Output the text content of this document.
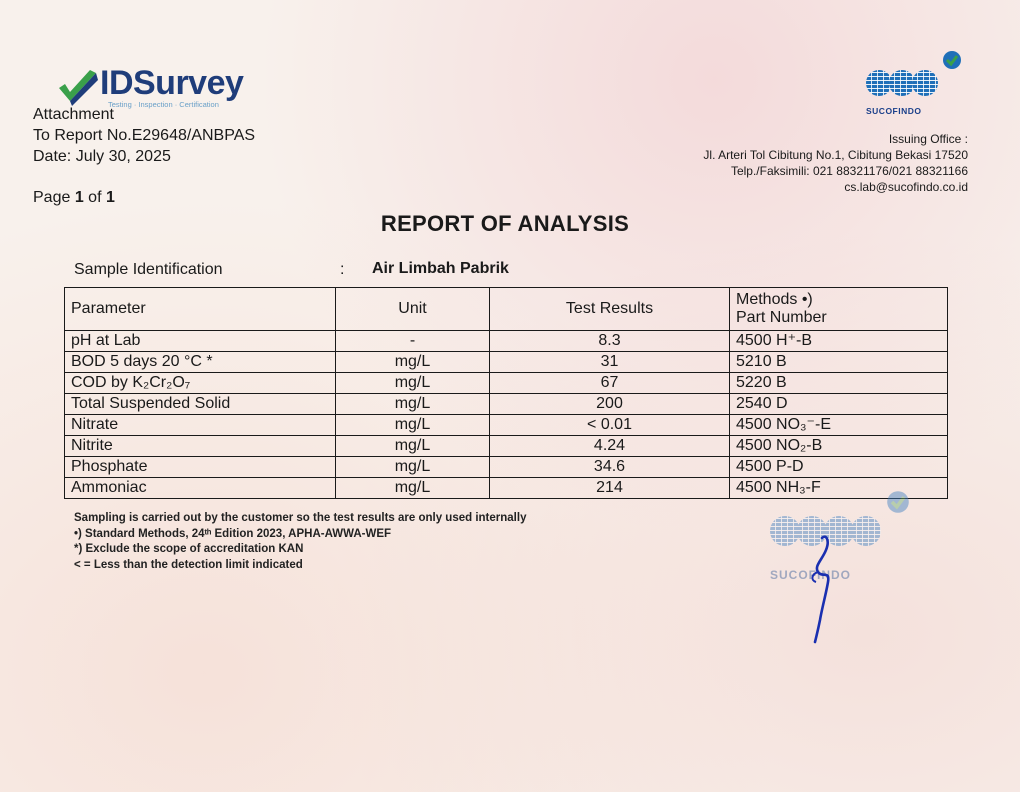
IDSurvey
Testing · Inspection · Certification
Attachment
To Report No.E29648/ANBPAS
Date: July 30, 2025
Page 1 of 1
SUCOFINDO
Issuing Office :
Jl. Arteri Tol Cibitung No.1, Cibitung Bekasi 17520
Telp./Faksimili: 021 88321176/021 88321166
cs.lab@sucofindo.co.id
REPORT OF ANALYSIS
Sample Identification	: Air Limbah Pabrik
Parameter	Unit	Test Results	Methods •)
Part Number

pH at Lab	-	8.3	4500 H⁺-B
BOD 5 days 20 °C *	mg/L	31	5210 B
COD by K₂Cr₂O₇	mg/L	67	5220 B
Total Suspended Solid	mg/L	200	2540 D
Nitrate	mg/L	< 0.01	4500 NO₃⁻-E
Nitrite	mg/L	4.24	4500 NO₂-B
Phosphate	mg/L	34.6	4500 P-D
Ammoniac	mg/L	214	4500 NH₃-F
Sampling is carried out by the customer so the test results are only used internally
•) Standard Methods, 24ᵗʰ Edition 2023, APHA-AWWA-WEF
*) Exclude the scope of accreditation KAN
< = Less than the detection limit indicated
SUCOFINDO
